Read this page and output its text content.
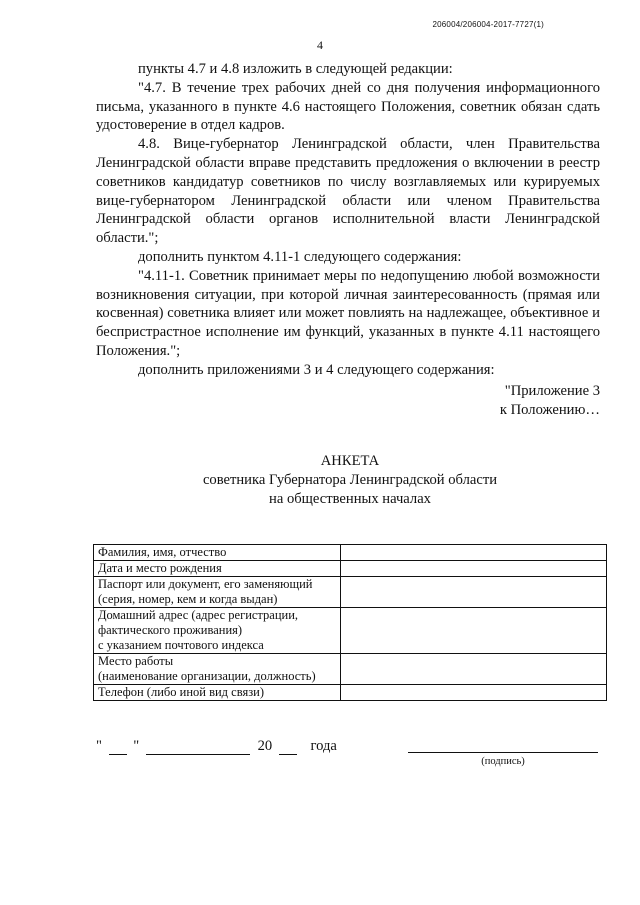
206004/206004-2017-7727(1)
4

пункты 4.7 и 4.8 изложить в следующей редакции:

"4.7. В течение трех рабочих дней со дня получения информационного письма, указанного в пункте 4.6 настоящего Положения, советник обязан сдать удостоверение в отдел кадров.

4.8. Вице-губернатор Ленинградской области, член Правительства Ленинградской области вправе представить предложения о включении в реестр советников кандидатур советников по числу возглавляемых или курируемых вице-губернатором Ленинградской области или членом Правительства Ленинградской области органов исполнительной власти Ленинградской области.";

дополнить пунктом 4.11-1 следующего содержания:

"4.11-1. Советник принимает меры по недопущению любой возможности возникновения ситуации, при которой личная заинтересованность (прямая или косвенная) советника влияет или может повлиять на надлежащее, объективное и беспристрастное исполнение им функций, указанных в пункте 4.11 настоящего Положения.";

дополнить приложениями 3 и 4 следующего содержания:

"Приложение 3
к Положению…
АНКЕТА
советника Губернатора Ленинградской области
на общественных началах
Фамилия, имя, отчество	

Дата и место рождения	

Паспорт или документ, его заменяющий
(серия, номер, кем и когда выдан)	

Домашний адрес (адрес регистрации,
фактического проживания)
с указанием почтового индекса	

Место работы
(наименование организации, должность)	

Телефон (либо иной вид связи)	

" "	20	года
(подпись)
